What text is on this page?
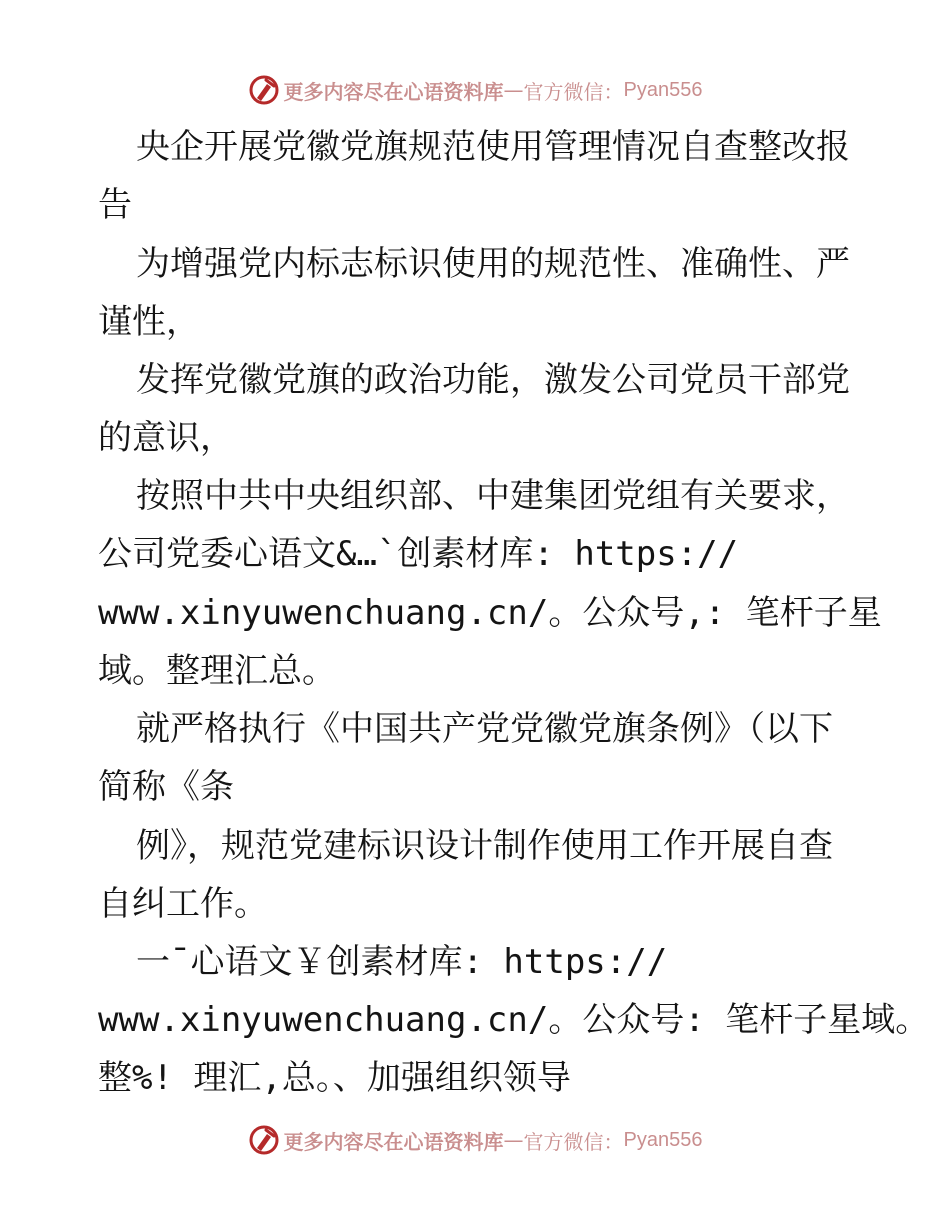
更多内容尽在心语资料库 — 官方微信： Pyan556
央企开展党徽党旗规范使用管理情况自查整改报
告
为增强党内标志标识使用的规范性、准确性、严
谨性，
发挥党徽党旗的政治功能，激发公司党员干部党
的意识，
按照中共中央组织部、中建集团党组有关要求，
公司党委心语文&…`创素材库: https://
www.xinyuwenchuang.cn/。公众号,: 笔杆子星
域。整理汇总。
就严格执行《中国共产党党徽党旗条例》（以下
简称《条
例》，规范党建标识设计制作使用工作开展自查
自纠工作。
一¯心语文￥创素材库: https://
www.xinyuwenchuang.cn/。公众号: 笔杆子星域。
整%! 理汇,总。、加强组织领导
更多内容尽在心语资料库 — 官方微信： Pyan556
